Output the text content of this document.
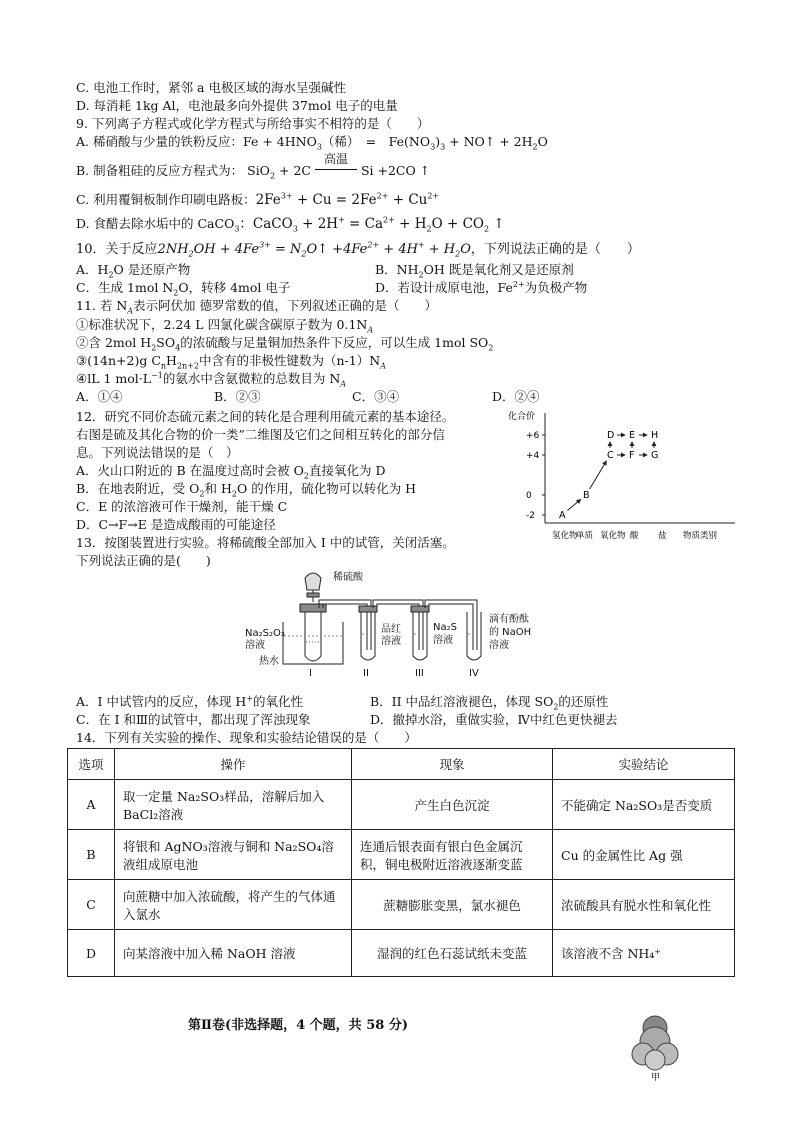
C. 电池工作时，紧邻 a 电极区域的海水呈强碱性
D. 每消耗 1kg Al，电池最多向外提供 37mol 电子的电量
9. 下列离子方程式或化学方程式与所给事实不相符的是（　　）
A. 稀硝酸与少量的铁粉反应：$Fe + 4HNO_3$（稀）　=　$Fe(NO_3)_3$ + NO↑ + $2H_2O$
B. 制备粗硅的反应方程式为： SiO$_2$ + 2C
高温
Si +2CO ↑
C. 利用覆铜板制作印刷电路板：$2Fe^{3+} + Cu = 2Fe^{2+} + Cu^{2+}$
D. 食醋去除水垢中的 CaCO$_3$：CaCO$_3$ + $2H^+ = Ca^{2+} + H_2O + CO_2$ ↑
10．关于反应$2NH_2OH + 4Fe^{3+}$ = $N_2O↑ +4Fe^{2+} + 4H^+ + H_2O$，下列说法正确的是（　　）
A．$H_2O$ 是还原产物	B．$NH_2OH$ 既是氧化剂又是还原剂
C．生成 1mol $N_2O$，转移 4mol 电子	D．若设计成原电池，$Fe^{2+}$为负极产物
11. 若 $N_A$表示阿伏加 德罗常数的值，下列叙述正确的是（　　）
①标准状况下，2.24 L 四氯化碳含碳原子数为 $0.1N_A$
②含 2mol $H_2SO_4$的浓硫酸与足量铜加热条件下反应，可以生成 1mol $SO_2$
③(14n+2)g $C_nH_{2n+2}$中含有的非极性键数为$(n-1)N_A$
④lL 1 $mol\cdot L^{-1}$的氨水中含氨微粒的总数目为 $N_A$
A．①④	B．②③	C．③④	D．②④
12．研究不同价态硫元素之间的转化是合理利用硫元素的基本途径。
右图是硫及其化合物的价一类”二维图及它们之间相互转化的部分信
息。下列说法错误的是（　）
A．火山口附近的 B 在温度过高时会被 $O_2$直接氧化为 D
B．在地表附近，受 $O_2$和 $H_2O$ 的作用，硫化物可以转化为 H
C．E 的浓溶液可作干燥剂，能干燥 C
D．C→F→E 是造成酸雨的可能途径
化合价
+6
+4
0
-2
氢化物
单质 氧化物 酸 盐 物质类别
A
B
C
D E
F G
H
13．按图装置进行实验。将稀硫酸全部加入 I 中的试管，关闭活塞。
下列说法正确的是(　　)
稀硫酸
Na₂S₂O₃
溶液
热水
品红
溶液
Na₂S
溶液
滴有酚酞
的 NaOH
溶液
I	II	III	IV
A．I 中试管内的反应，体现 H+的氧化性	B．II 中品红溶液褪色，体现 $SO_2$的还原性
C．在 I 和Ⅲ的试管中，都出现了浑浊现象	D．撤掉水浴，重做实验，Ⅳ中红色更快褪去
14．下列有关实验的操作、现象和实验结论错误的是（　　）
选项	操作	现象	实验结论
A	取一定量 Na₂SO₃样品，溶解后加入 BaCl₂溶液	产生白色沉淀	不能确定 Na₂SO₃是否变质
B	将银和 AgNO₃溶液与铜和 Na₂SO₄溶液组成原电池	连通后银表面有银白色金属沉积，铜电极附近溶液逐渐变蓝	Cu 的金属性比 Ag 强
C	向蔗糖中加入浓硫酸，将产生的气体通入氯水	蔗糖膨胀变黑，氯水褪色	浓硫酸具有脱水性和氧化性
D	向某溶液中加入稀 NaOH 溶液	湿润的红色石蕊试纸未变蓝	该溶液不含 NH₄⁺
第Ⅱ卷(非选择题，4 个题，共 58 分)
甲
